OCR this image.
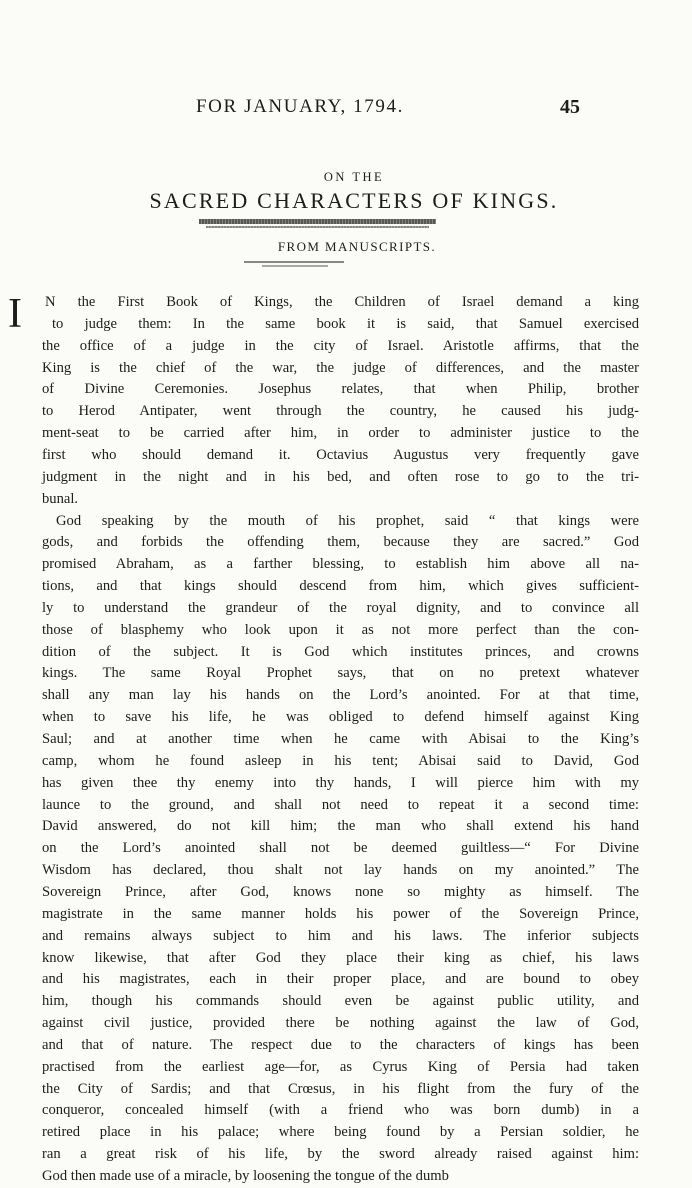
FOR JANUARY, 1794.	45
ON THE
SACRED CHARACTERS OF KINGS.
FROM MANUSCRIPTS.
I N the First Book of Kings, the Children of Israel demand a king
to judge them: In the same book it is said, that Samuel exercised
the office of a judge in the city of Israel. Aristotle affirms, that the
King is the chief of the war, the judge of differences, and the master
of Divine Ceremonies. Josephus relates, that when Philip, brother
to Herod Antipater, went through the country, he caused his judg-
ment-seat to be carried after him, in order to administer justice to the
first who should demand it. Octavius Augustus very frequently gave
judgment in the night and in his bed, and often rose to go to the tri-
bunal.
God speaking by the mouth of his prophet, said “ that kings were
gods, and forbids the offending them, because they are sacred.” God
promised Abraham, as a farther blessing, to establish him above all na-
tions, and that kings should descend from him, which gives sufficient-
ly to understand the grandeur of the royal dignity, and to convince all
those of blasphemy who look upon it as not more perfect than the con-
dition of the subject. It is God which institutes princes, and crowns
kings. The same Royal Prophet says, that on no pretext whatever
shall any man lay his hands on the Lord’s anointed. For at that time,
when to save his life, he was obliged to defend himself against King
Saul; and at another time when he came with Abisai to the King’s
camp, whom he found asleep in his tent; Abisai said to David, God
has given thee thy enemy into thy hands, I will pierce him with my
launce to the ground, and shall not need to repeat it a second time:
David answered, do not kill him; the man who shall extend his hand
on the Lord’s anointed shall not be deemed guiltless—“ For Divine
Wisdom has declared, thou shalt not lay hands on my anointed.” The
Sovereign Prince, after God, knows none so mighty as himself. The
magistrate in the same manner holds his power of the Sovereign Prince,
and remains always subject to him and his laws. The inferior subjects
know likewise, that after God they place their king as chief, his laws
and his magistrates, each in their proper place, and are bound to obey
him, though his commands should even be against public utility, and
against civil justice, provided there be nothing against the law of God,
and that of nature. The respect due to the characters of kings has been
practised from the earliest age—for, as Cyrus King of Persia had taken
the City of Sardis; and that Crœsus, in his flight from the fury of the
conqueror, concealed himself (with a friend who was born dumb) in a
retired place in his palace; where being found by a Persian soldier, he
ran a great risk of his life, by the sword already raised against him:
God then made use of a miracle, by loosening the tongue of the dumb
